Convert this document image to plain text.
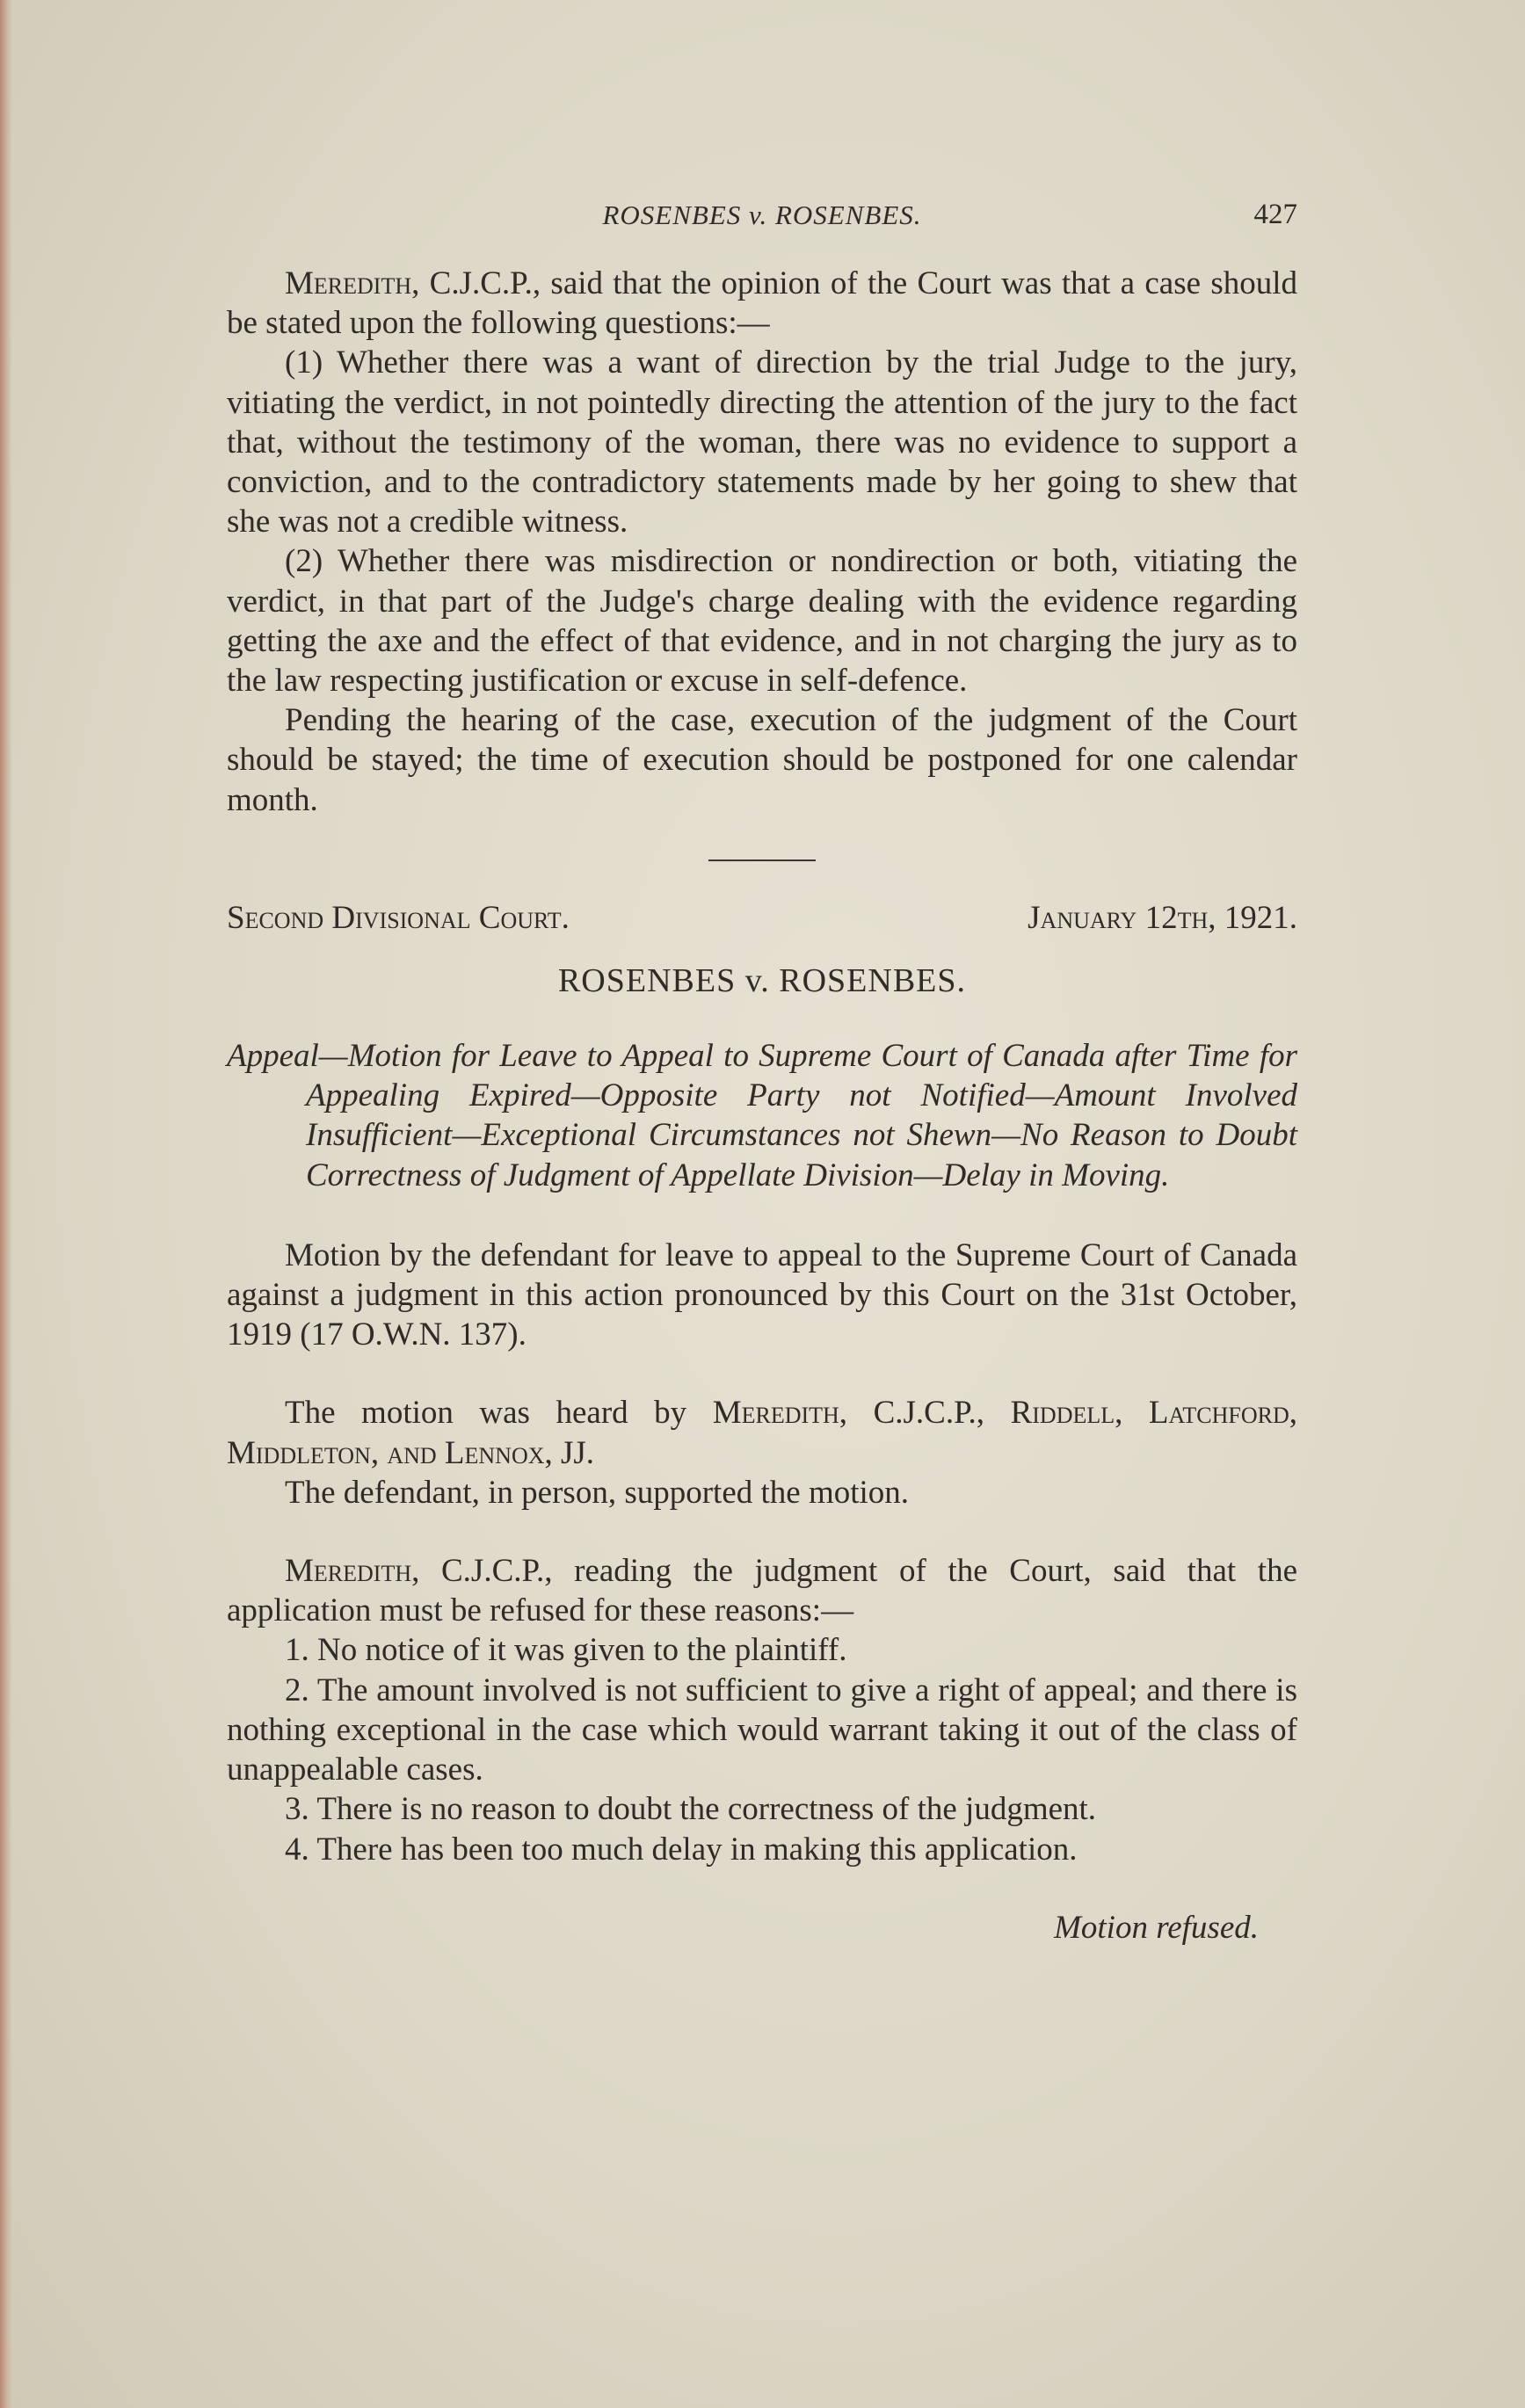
ROSENBES v. ROSENBES.	427

Meredith, C.J.C.P., said that the opinion of the Court was that a case should be stated upon the following questions:—

(1) Whether there was a want of direction by the trial Judge to the jury, vitiating the verdict, in not pointedly directing the attention of the jury to the fact that, without the testimony of the woman, there was no evidence to support a conviction, and to the contradictory statements made by her going to shew that she was not a credible witness.

(2) Whether there was misdirection or nondirection or both, vitiating the verdict, in that part of the Judge's charge dealing with the evidence regarding getting the axe and the effect of that evidence, and in not charging the jury as to the law respecting justification or excuse in self-defence.

Pending the hearing of the case, execution of the judgment of the Court should be stayed; the time of execution should be postponed for one calendar month.

Second Divisional Court.	January 12th, 1921.
ROSENBES v. ROSENBES.

Appeal—Motion for Leave to Appeal to Supreme Court of Canada after Time for Appealing Expired—Opposite Party not Notified—Amount Involved Insufficient—Exceptional Circumstances not Shewn—No Reason to Doubt Correctness of Judgment of Appellate Division—Delay in Moving.

Motion by the defendant for leave to appeal to the Supreme Court of Canada against a judgment in this action pronounced by this Court on the 31st October, 1919 (17 O.W.N. 137).

The motion was heard by Meredith, C.J.C.P., Riddell, Latchford, Middleton, and Lennox, JJ.

The defendant, in person, supported the motion.

Meredith, C.J.C.P., reading the judgment of the Court, said that the application must be refused for these reasons:—

1. No notice of it was given to the plaintiff.

2. The amount involved is not sufficient to give a right of appeal; and there is nothing exceptional in the case which would warrant taking it out of the class of unappealable cases.

3. There is no reason to doubt the correctness of the judgment.

4. There has been too much delay in making this application.

Motion refused.
